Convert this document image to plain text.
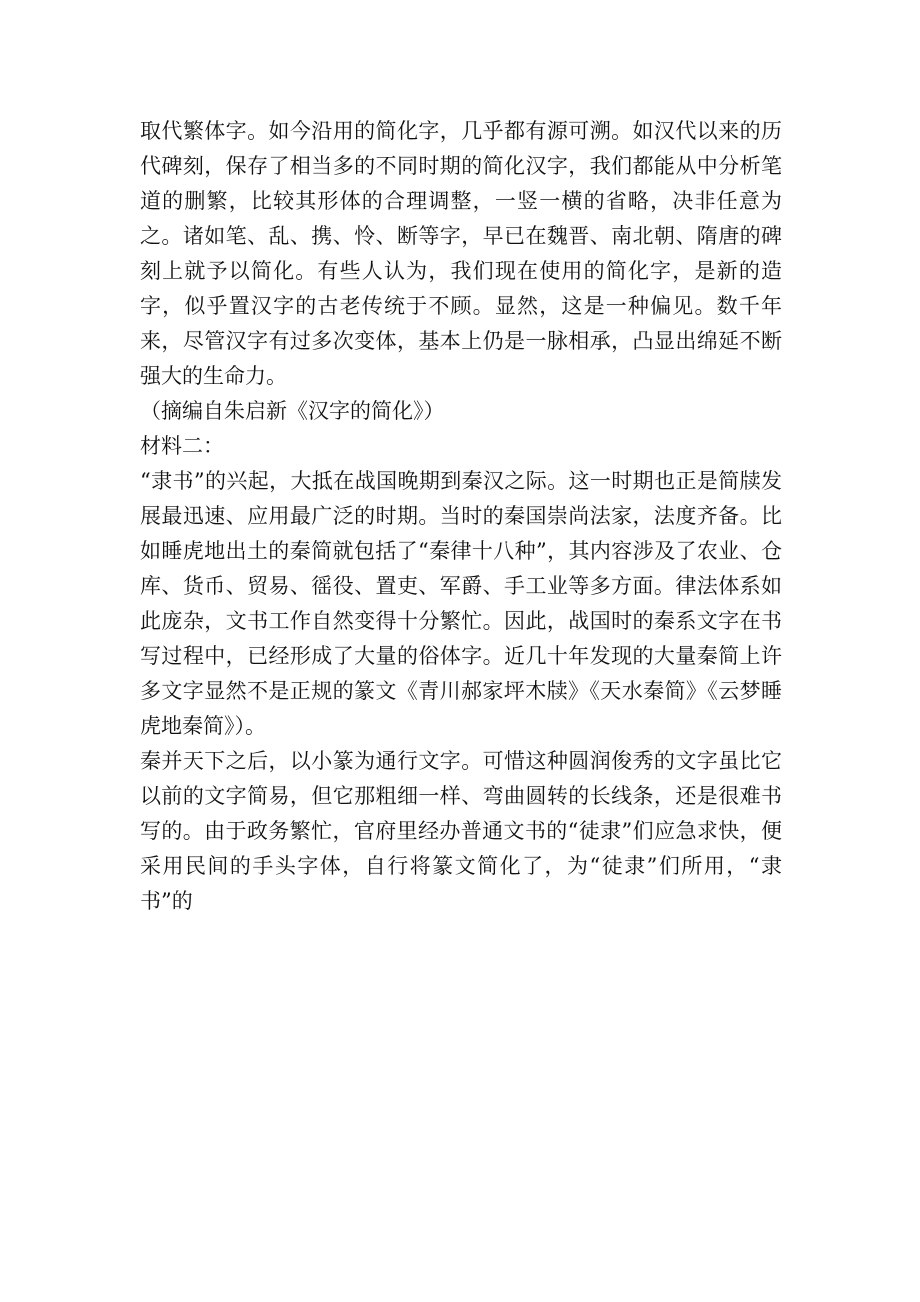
取代繁体字。如今沿用的简化字，几乎都有源可溯。如汉代以来的历代碑刻，保存了相当多的不同时期的简化汉字，我们都能从中分析笔道的删繁，比较其形体的合理调整，一竖一横的省略，决非任意为之。诸如笔、乱、携、怜、断等字，早已在魏晋、南北朝、隋唐的碑刻上就予以简化。有些人认为，我们现在使用的简化字，是新的造字，似乎置汉字的古老传统于不顾。显然，这是一种偏见。数千年来，尽管汉字有过多次变体，基本上仍是一脉相承，凸显出绵延不断强大的生命力。

（摘编自朱启新《汉字的简化》）

材料二：

“隶书”的兴起，大抵在战国晚期到秦汉之际。这一时期也正是简牍发展最迅速、应用最广泛的时期。当时的秦国崇尚法家，法度齐备。比如睡虎地出土的秦简就包括了“秦律十八种”，其内容涉及了农业、仓库、货币、贸易、徭役、置吏、军爵、手工业等多方面。律法体系如此庞杂，文书工作自然变得十分繁忙。因此，战国时的秦系文字在书写过程中，已经形成了大量的俗体字。近几十年发现的大量秦简上许多文字显然不是正规的篆文《青川郝家坪木牍》《天水秦简》《云梦睡虎地秦简》）。

秦并天下之后，以小篆为通行文字。可惜这种圆润俊秀的文字虽比它以前的文字简易，但它那粗细一样、弯曲圆转的长线条，还是很难书写的。由于政务繁忙，官府里经办普通文书的“徒隶”们应急求快，便采用民间的手头字体，自行将篆文简化了，为“徒隶”们所用，“隶书”的
